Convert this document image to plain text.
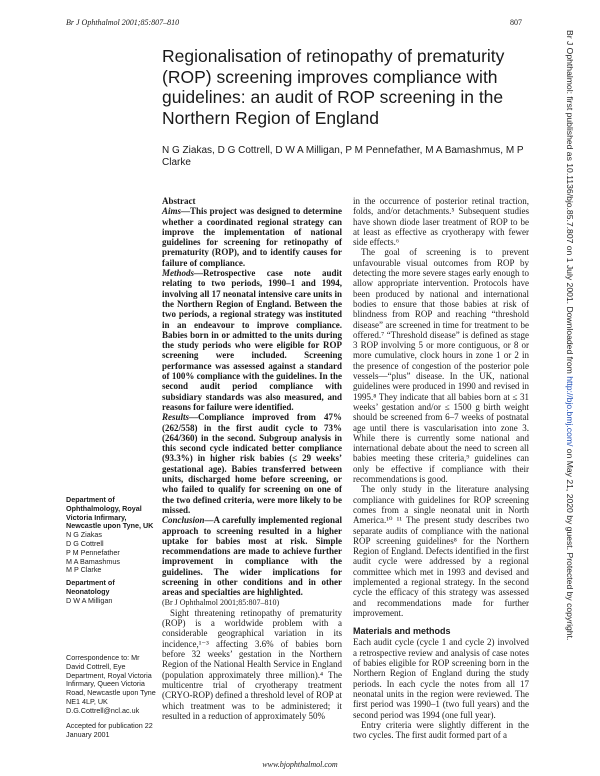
Br J Ophthalmol 2001;85:807–810	807
Regionalisation of retinopathy of prematurity (ROP) screening improves compliance with guidelines: an audit of ROP screening in the Northern Region of England
N G Ziakas, D G Cottrell, D W A Milligan, P M Pennefather, M A Bamashmus, M P Clarke

Abstract

Aims—This project was designed to determine whether a coordinated regional strategy can improve the implementation of national guidelines for screening for retinopathy of prematurity (ROP), and to identify causes for failure of compliance.

Methods—Retrospective case note audit relating to two periods, 1990–1 and 1994, involving all 17 neonatal intensive care units in the Northern Region of England. Between the two periods, a regional strategy was instituted in an endeavour to improve compliance. Babies born in or admitted to the units during the study periods who were eligible for ROP screening were included. Screening performance was assessed against a standard of 100% compliance with the guidelines. In the second audit period compliance with subsidiary standards was also measured, and reasons for failure were identified.

Results—Compliance improved from 47% (262/558) in the first audit cycle to 73% (264/360) in the second. Subgroup analysis in this second cycle indicated better compliance (93.3%) in higher risk babies (≤ 29 weeks’ gestational age). Babies transferred between units, discharged home before screening, or who failed to qualify for screening on one of the two defined criteria, were more likely to be missed.

Conclusion—A carefully implemented regional approach to screening resulted in a higher uptake for babies most at risk. Simple recommendations are made to achieve further improvement in compliance with the guidelines. The wider implications for screening in other conditions and in other areas and specialties are highlighted.

(Br J Ophthalmol 2001;85:807–810)

Sight threatening retinopathy of prematurity (ROP) is a worldwide problem with a considerable geographical variation in its incidence,¹⁻³ affecting 3.6% of babies born before 32 weeks’ gestation in the Northern Region of the National Health Service in England (population approximately three million).⁴ The multicentre trial of cryotherapy treatment (CRYO-ROP) defined a threshold level of ROP at which treatment was to be administered; it resulted in a reduction of approximately 50%

in the occurrence of posterior retinal traction, folds, and/or detachments.⁵ Subsequent studies have shown diode laser treatment of ROP to be at least as effective as cryotherapy with fewer side effects.⁶

The goal of screening is to prevent unfavourable visual outcomes from ROP by detecting the more severe stages early enough to allow appropriate intervention. Protocols have been produced by national and international bodies to ensure that those babies at risk of blindness from ROP and reaching “threshold disease” are screened in time for treatment to be offered.⁷ “Threshold disease” is defined as stage 3 ROP involving 5 or more contiguous, or 8 or more cumulative, clock hours in zone 1 or 2 in the presence of congestion of the posterior pole vessels—“plus” disease. In the UK, national guidelines were produced in 1990 and revised in 1995.⁸ They indicate that all babies born at ≤ 31 weeks’ gestation and/or ≤ 1500 g birth weight should be screened from 6–7 weeks of postnatal age until there is vascularisation into zone 3. While there is currently some national and international debate about the need to screen all babies meeting these criteria,⁹ guidelines can only be effective if compliance with their recommendations is good.

The only study in the literature analysing compliance with guidelines for ROP screening comes from a single neonatal unit in North America.¹⁰ ¹¹ The present study describes two separate audits of compliance with the national ROP screening guidelines⁸ for the Northern Region of England. Defects identified in the first audit cycle were addressed by a regional committee which met in 1993 and devised and implemented a regional strategy. In the second cycle the efficacy of this strategy was assessed and recommendations made for further improvement.

Materials and methods

Each audit cycle (cycle 1 and cycle 2) involved a retrospective review and analysis of case notes of babies eligible for ROP screening born in the Northern Region of England during the study periods. In each cycle the notes from all 17 neonatal units in the region were reviewed. The first period was 1990–1 (two full years) and the second period was 1994 (one full year).

Entry criteria were slightly different in the two cycles. The first audit formed part of a

Department of Ophthalmology, Royal Victoria Infirmary, Newcastle upon Tyne, UK
N G Ziakas
D G Cottrell
P M Pennefather
M A Bamashmus
M P Clarke
Department of Neonatology
D W A Milligan
Correspondence to: Mr David Cottrell, Eye Department, Royal Victoria Infirmary, Queen Victoria Road, Newcastle upon Tyne NE1 4LP, UK D.G.Cottrell@ncl.ac.uk
Accepted for publication 22 January 2001
Br J Ophthalmol: first published as 10.1136/bjo.85.7.807 on 1 July 2001. Downloaded from http://bjo.bmj.com/ on May 21, 2020 by guest. Protected by copyright.
www.bjophthalmol.com
